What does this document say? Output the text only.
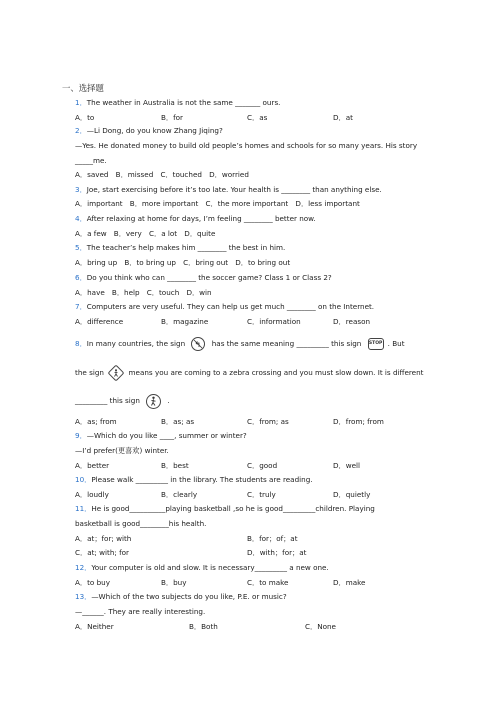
一、选择题
1．The weather in Australia is not the same _______ ours.
A．to	B．for	C．as	D．at
2．—Li Dong, do you know Zhang Jiqing?
—Yes. He donated money to build old people’s homes and schools for so many years. His story
_____me.
A．saved　B．missed　C．touched　D．worried
3．Joe, start exercising before it’s too late. Your health is ________ than anything else.
A．important　B．more important　C．the more important　D．less important
4．After relaxing at home for days, I’m feeling ________ better now.
A．a few　B．very　C．a lot　D．quite
5．The teacher’s help makes him ________ the best in him.
A．bring up　B．to bring up　C．bring out　D．to bring out
6．Do you think who can ________ the soccer game? Class 1 or Class 2?
A．have　B．help　C．touch　D．win
7．Computers are very useful. They can help us get much ________ on the Internet.
A．difference	B．magazine	C．information	D．reason
8．In many countries, the sign	has the same meaning _________ this sign STOP . But
the sign	means you are coming to a zebra crossing and you must slow down. It is different
_________ this sign	.
A．as; from	B．as; as	C．from; as	D．from; from
9．—Which do you like ____, summer or winter?
—I’d prefer(更喜欢) winter.
A．better	B．best	C．good	D．well
10．Please walk _________ in the library. The students are reading.
A．loudly	B．clearly	C．truly	D．quietly
11．He is good__________playing basketball ,so he is good_________children. Playing
basketball is good________his health.
A．at；for; with	B．for；of；at
C．at; with; for	D．with；for；at
12．Your computer is old and slow. It is necessary_________ a new one.
A．to buy	B．buy	C．to make	D．make
13．—Which of the two subjects do you like, P.E. or music?
—______. They are really interesting.
A．Neither	B．Both	C．None
